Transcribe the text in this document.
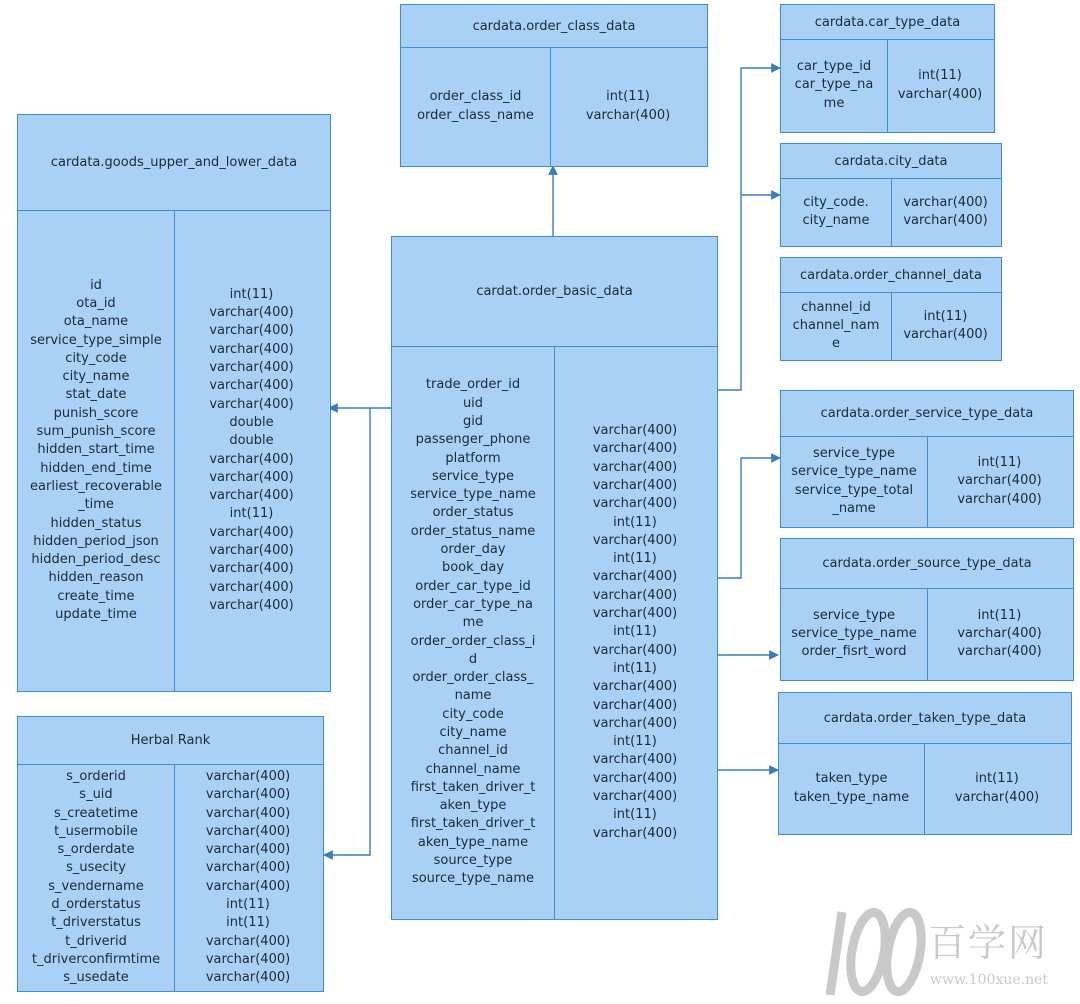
cardata.order_class_data
order_class_id
order_class_name
int(11)
varchar(400)
cardata.car_type_data
car_type_id
car_type_na
me
int(11)
varchar(400)
cardata.city_data
city_code.
city_name
varchar(400)
varchar(400)
cardata.order_channel_data
channel_id
channel_nam
e
int(11)
varchar(400)
cardata.goods_upper_and_lower_data
id
ota_id
ota_name
service_type_simple
city_code
city_name
stat_date
punish_score
sum_punish_score
hidden_start_time
hidden_end_time
earliest_recoverable
_time
hidden_status
hidden_period_json
hidden_period_desc
hidden_reason
create_time
update_time
int(11)
varchar(400)
varchar(400)
varchar(400)
varchar(400)
varchar(400)
varchar(400)
double
double
varchar(400)
varchar(400)
varchar(400)
int(11)
varchar(400)
varchar(400)
varchar(400)
varchar(400)
varchar(400)
cardat.order_basic_data
trade_order_id
uid
gid
passenger_phone
platform
service_type
service_type_name
order_status
order_status_name
order_day
book_day
order_car_type_id
order_car_type_na
me
order_order_class_i
d
order_order_class_
name
city_code
city_name
channel_id
channel_name
first_taken_driver_t
aken_type
first_taken_driver_t
aken_type_name
source_type
source_type_name
varchar(400)
varchar(400)
varchar(400)
varchar(400)
varchar(400)
int(11)
varchar(400)
int(11)
varchar(400)
varchar(400)
varchar(400)
int(11)
varchar(400)
int(11)
varchar(400)
varchar(400)
varchar(400)
int(11)
varchar(400)
varchar(400)
varchar(400)
int(11)
varchar(400)
cardata.order_service_type_data
service_type
service_type_name
service_type_total
_name
int(11)
varchar(400)
varchar(400)
cardata.order_source_type_data
service_type
service_type_name
order_fisrt_word
int(11)
varchar(400)
varchar(400)
cardata.order_taken_type_data
taken_type
taken_type_name
int(11)
varchar(400)
Herbal Rank
s_orderid
s_uid
s_createtime
t_usermobile
s_orderdate
s_usecity
s_vendername
d_orderstatus
t_driverstatus
t_driverid
t_driverconfirmtime
s_usedate
varchar(400)
varchar(400)
varchar(400)
varchar(400)
varchar(400)
varchar(400)
varchar(400)
int(11)
int(11)
varchar(400)
varchar(400)
varchar(400)
百学网
www.100xue.net
